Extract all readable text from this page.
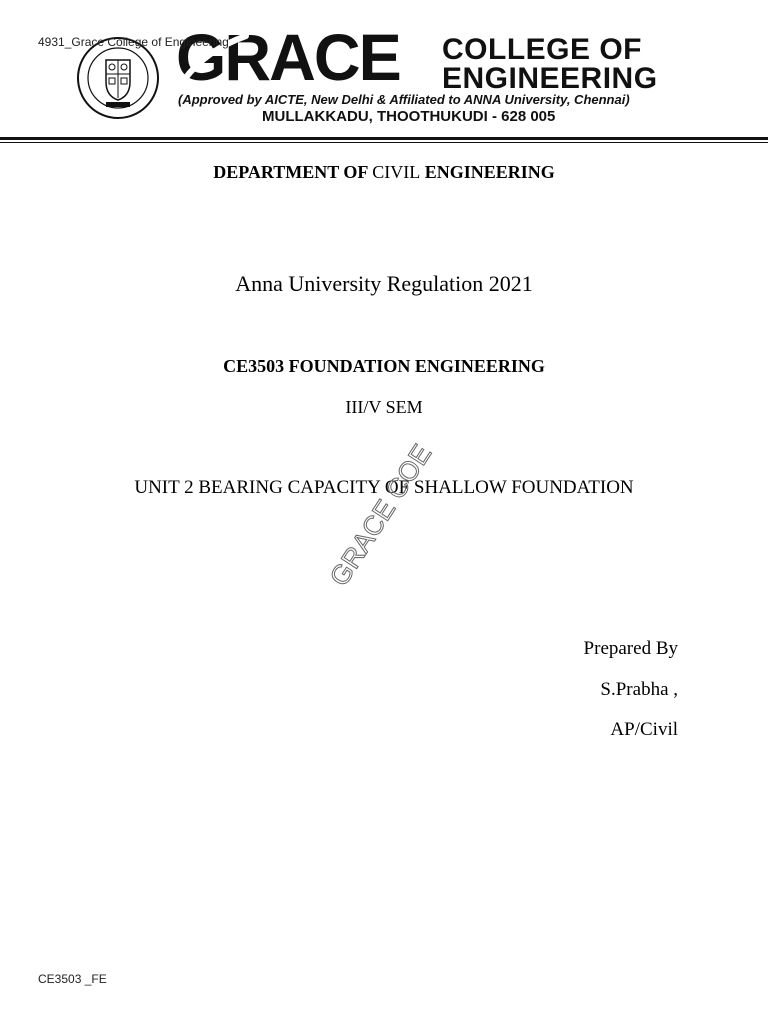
4931_Grace College of Engineering
GRACE COLLEGE OF
ENGINEERING
(Approved by AICTE, New Delhi & Affiliated to ANNA University, Chennai)
MULLAKKADU, THOOTHUKUDI - 628 005
DEPARTMENT OF CIVIL ENGINEERING
Anna University Regulation 2021
CE3503 FOUNDATION ENGINEERING
III/V SEM
UNIT 2 BEARING CAPACITY OF SHALLOW FOUNDATION
GRACE COE
Prepared By
S.Prabha ,
AP/Civil
CE3503 _FE
